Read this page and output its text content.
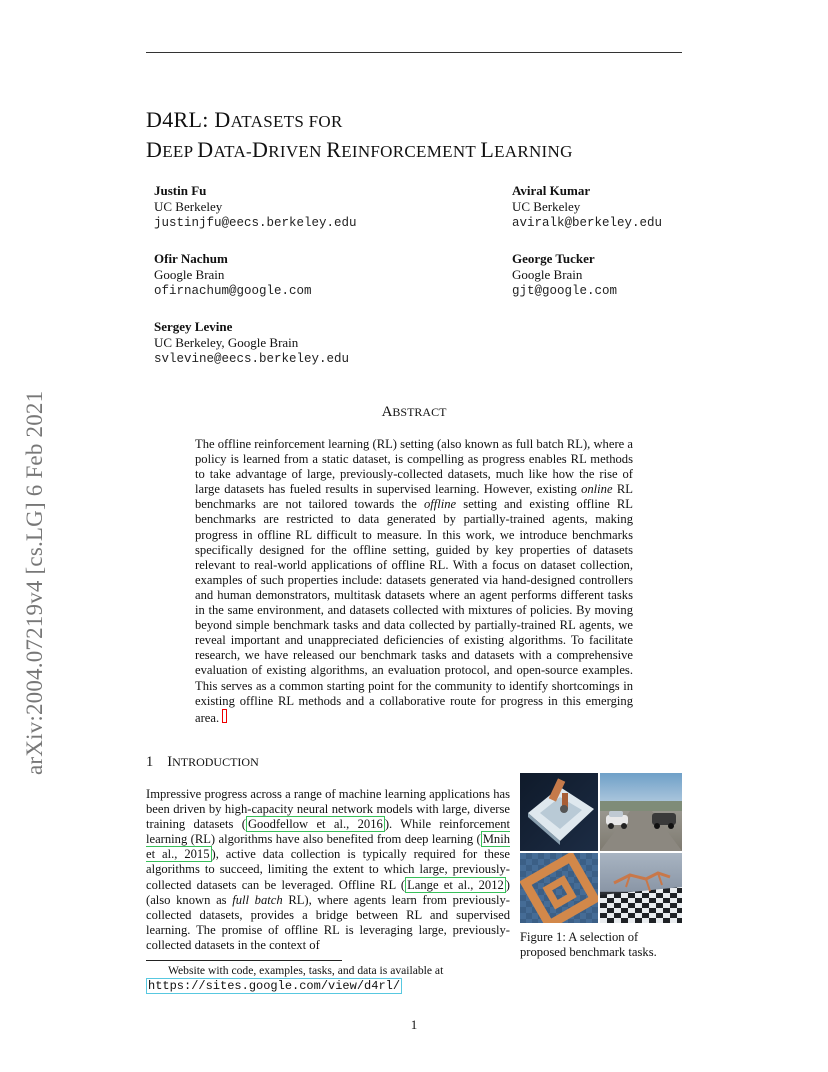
arXiv:2004.07219v4 [cs.LG] 6 Feb 2021
D4RL: DATASETS FOR
DEEP DATA-DRIVEN REINFORCEMENT LEARNING
Justin Fu
UC Berkeley
justinjfu@eecs.berkeley.edu
Aviral Kumar
UC Berkeley
aviralk@berkeley.edu
Ofir Nachum
Google Brain
ofirnachum@google.com
George Tucker
Google Brain
gjt@google.com
Sergey Levine
UC Berkeley, Google Brain
svlevine@eecs.berkeley.edu
ABSTRACT
The offline reinforcement learning (RL) setting (also known as full batch RL), where a policy is learned from a static dataset, is compelling as progress enables RL methods to take advantage of large, previously-collected datasets, much like how the rise of large datasets has fueled results in supervised learning. However, existing online RL benchmarks are not tailored towards the offline setting and existing offline RL benchmarks are restricted to data generated by partially-trained agents, making progress in offline RL difficult to measure. In this work, we introduce benchmarks specifically designed for the offline setting, guided by key properties of datasets relevant to real-world applications of offline RL. With a focus on dataset collection, examples of such properties include: datasets generated via hand-designed controllers and human demonstrators, multitask datasets where an agent performs different tasks in the same environment, and datasets collected with mixtures of policies. By moving beyond simple benchmark tasks and data collected by partially-trained RL agents, we reveal important and unappreciated deficiencies of existing algorithms. To facilitate research, we have released our benchmark tasks and datasets with a comprehensive evaluation of existing algorithms, an evaluation protocol, and open-source examples. This serves as a common starting point for the community to identify shortcomings in existing offline RL methods and a collaborative route for progress in this emerging area.
1 INTRODUCTION
Impressive progress across a range of machine learning applications has been driven by high-capacity neural network models with large, diverse training datasets ( Goodfellow et al., 2016 ). While reinforcement learning (RL) algorithms have also benefited from deep learning ( Mnih et al., 2015 ), active data collection is typically required for these algorithms to succeed, limiting the extent to which large, previously-collected datasets can be leveraged. Offline RL ( Lange et al., 2012 ) (also known as full batch RL), where agents learn from previously-collected datasets, provides a bridge between RL and supervised learning. The promise of offline RL is leveraging large, previously-collected datasets in the context of
Figure 1: A selection of proposed benchmark tasks.
Website with code, examples, tasks, and data is available at https://sites.google.com/view/d4rl/
1
